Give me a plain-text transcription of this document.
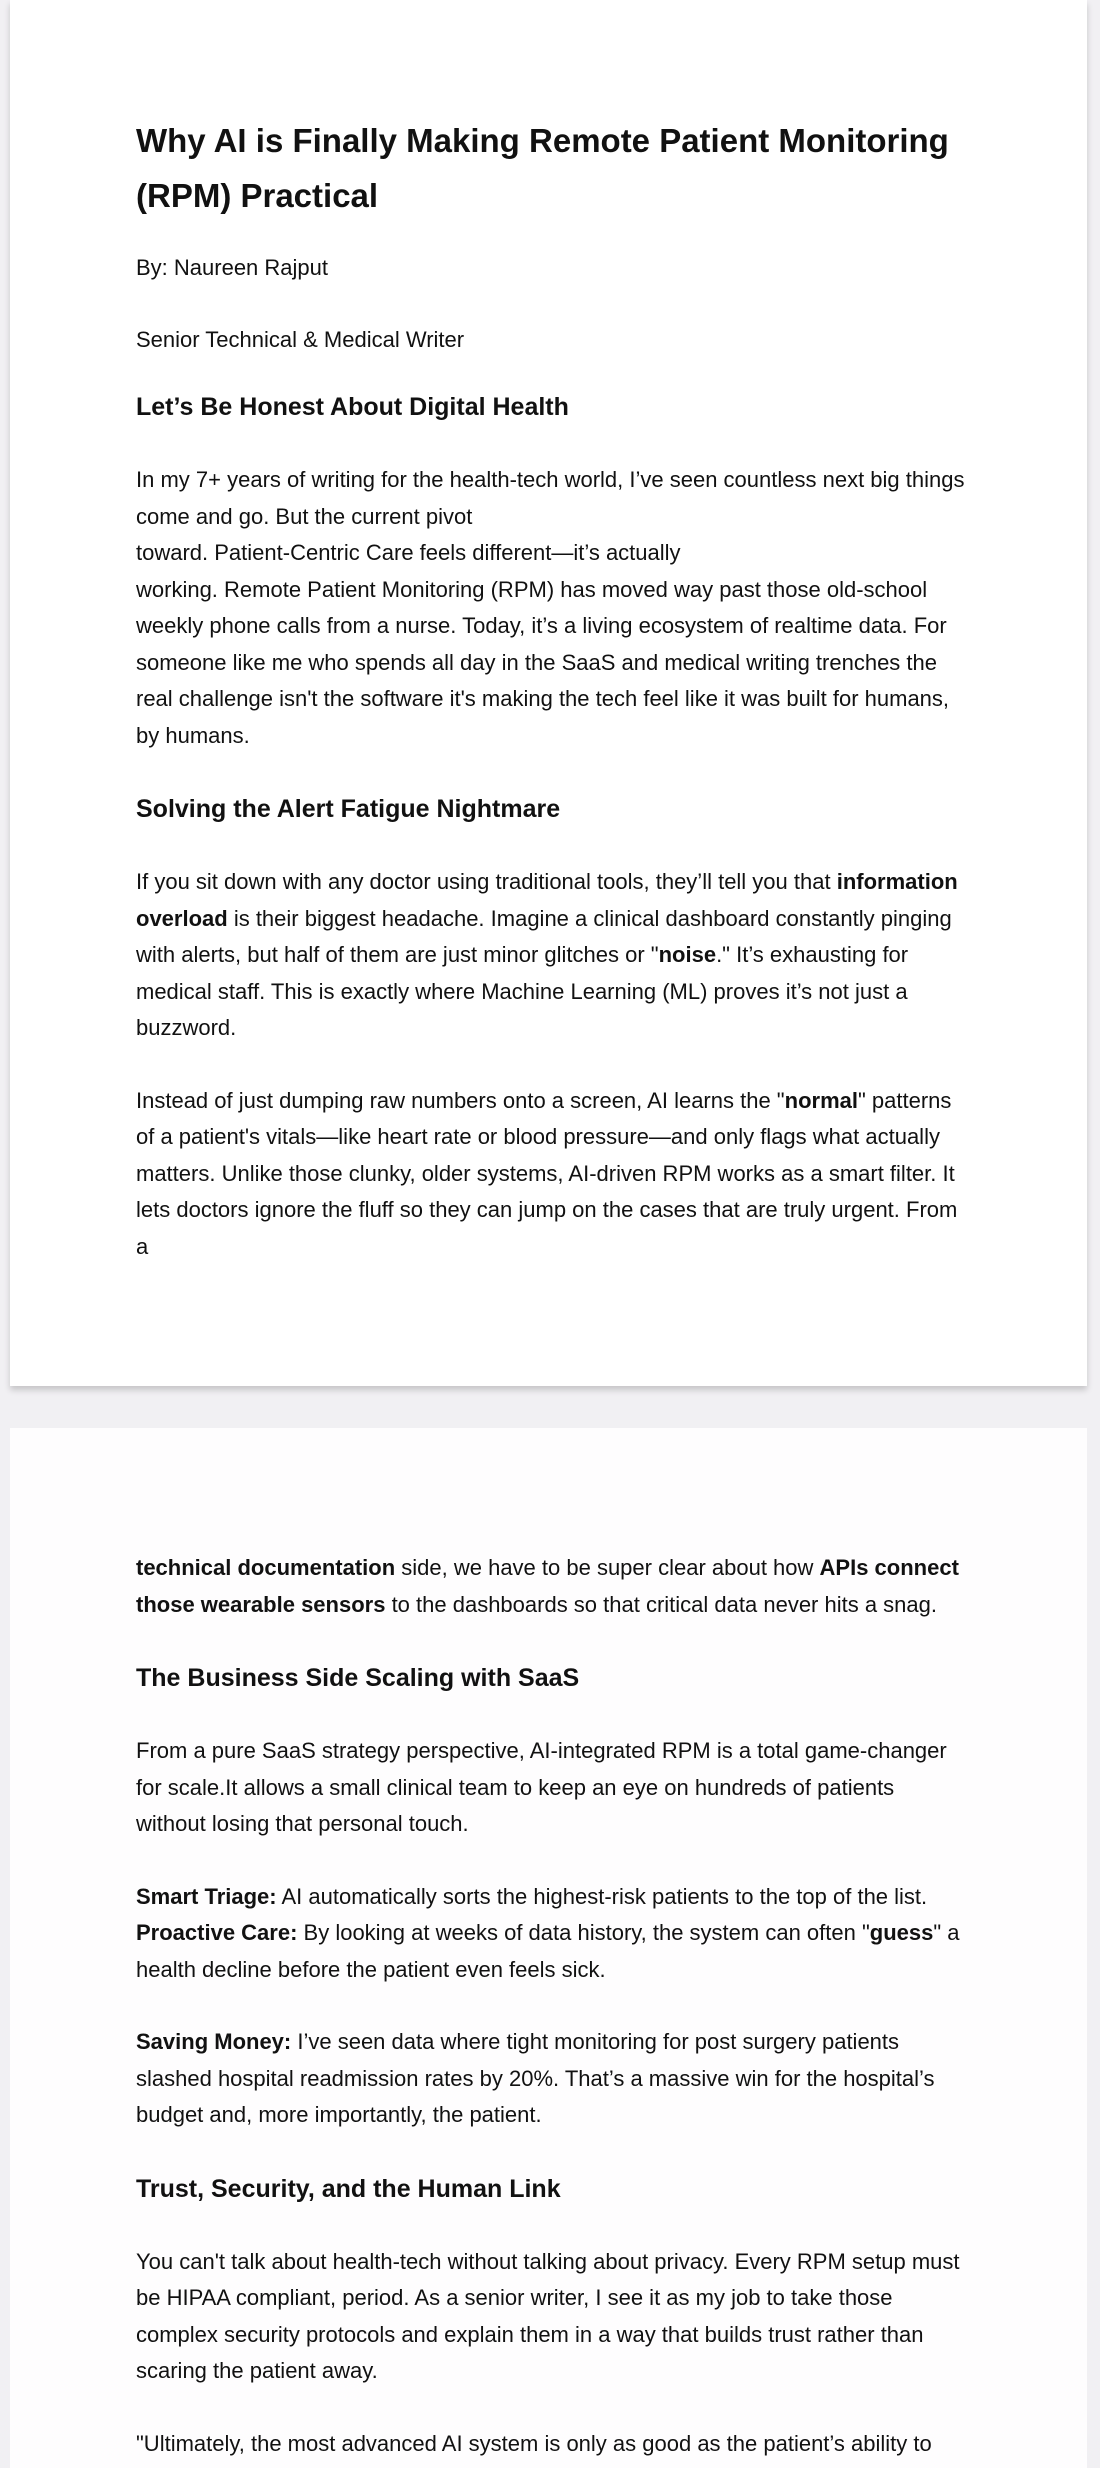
Why AI is Finally Making Remote Patient Monitoring (RPM) Practical

By: Naureen Rajput

Senior Technical & Medical Writer

Let’s Be Honest About Digital Health

In my 7+ years of writing for the health-tech world, I’ve seen countless next big things come and go. But the current pivot
toward. Patient-Centric Care feels different—it’s actually
working. Remote Patient Monitoring (RPM) has moved way past those old-school weekly phone calls from a nurse. Today, it’s a living ecosystem of realtime data. For someone like me who spends all day in the SaaS and medical writing trenches the real challenge isn't the software it's making the tech feel like it was built for humans, by humans.

Solving the Alert Fatigue Nightmare

If you sit down with any doctor using traditional tools, they’ll tell you that information overload is their biggest headache. Imagine a clinical dashboard constantly pinging with alerts, but half of them are just minor glitches or "noise." It’s exhausting for medical staff. This is exactly where Machine Learning (ML) proves it’s not just a buzzword.

Instead of just dumping raw numbers onto a screen, AI learns the "normal" patterns of a patient's vitals—like heart rate or blood pressure—and only flags what actually matters. Unlike those clunky, older systems, AI-driven RPM works as a smart filter. It lets doctors ignore the fluff so they can jump on the cases that are truly urgent. From a

technical documentation side, we have to be super clear about how APIs connect those wearable sensors to the dashboards so that critical data never hits a snag.

The Business Side Scaling with SaaS

From a pure SaaS strategy perspective, AI-integrated RPM is a total game-changer for scale.It allows a small clinical team to keep an eye on hundreds of patients without losing that personal touch.

Smart Triage: AI automatically sorts the highest-risk patients to the top of the list.
Proactive Care: By looking at weeks of data history, the system can often "guess" a health decline before the patient even feels sick.

Saving Money: I’ve seen data where tight monitoring for post surgery patients slashed hospital readmission rates by 20%. That’s a massive win for the hospital’s budget and, more importantly, the patient.

Trust, Security, and the Human Link

You can't talk about health-tech without talking about privacy. Every RPM setup must be HIPAA compliant, period. As a senior writer, I see it as my job to take those complex security protocols and explain them in a way that builds trust rather than scaring the patient away.

"Ultimately, the most advanced AI system is only as good as the patient’s ability to
